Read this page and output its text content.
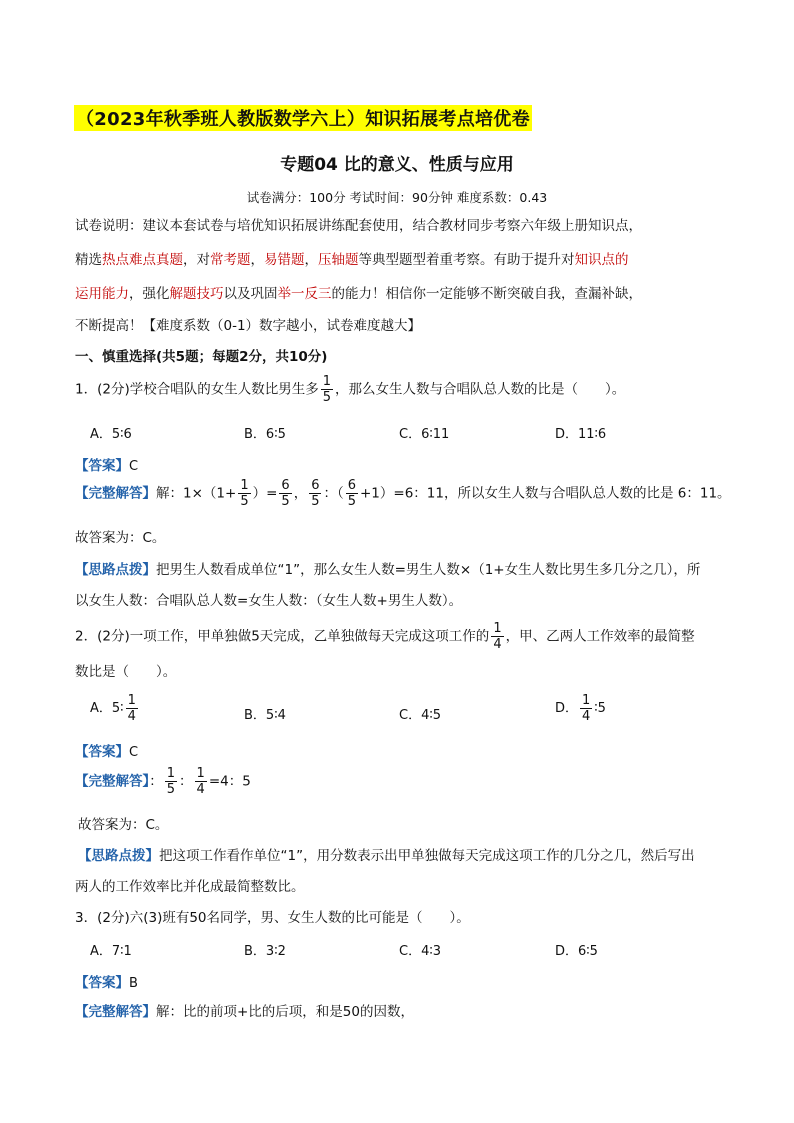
（2023年秋季班人教版数学六上）知识拓展考点培优卷
专题04 比的意义、性质与应用
试卷满分：100分 考试时间：90分钟 难度系数：0.43
试卷说明：建议本套试卷与培优知识拓展讲练配套使用，结合教材同步考察六年级上册知识点，
精选热点难点真题，对常考题，易错题，压轴题等典型题型着重考察。有助于提升对知识点的
运用能力，强化解题技巧以及巩固举一反三的能力！相信你一定能够不断突破自我，查漏补缺，
不断提高！【难度系数（0-1）数字越小，试卷难度越大】
一、慎重选择(共5题；每题2分，共10分)
1．(2分)学校合唱队的女生人数比男生多 $\frac{1}{5}$ ，那么女生人数与合唱队总人数的比是（　　）。
A．5∶6	B．6∶5	C．6∶11	D．11∶6
【答案】C
【完整解答】解：$1\times(1+ \frac{1}{5}$ ）= $\frac{6}{5}$ ， $\frac{6}{5}$ ：（ $\frac{6}{5} +1)=6$：11，所以女生人数与合唱队总人数的比是 6：11。
故答案为：C。
【思路点拨】把男生人数看成单位“1”，那么女生人数=男生人数×（1+女生人数比男生多几分之几），所
以女生人数：合唱队总人数=女生人数：（女生人数+男生人数）。
2．(2分)一项工作，甲单独做5天完成，乙单独做每天完成这项工作的 $\frac{1}{4}$ ，甲、乙两人工作效率的最简整
数比是（　　）。
A．5∶ $\frac{1}{4}$	B．5∶4	C．4∶5	D． $\frac{1}{4}$ ∶5
【答案】C
【完整解答】： $\frac{1}{5}$ ： $\frac{1}{4} =4$：5
故答案为：C。
【思路点拨】把这项工作看作单位“1”，用分数表示出甲单独做每天完成这项工作的几分之几，然后写出
两人的工作效率比并化成最简整数比。
3．(2分)六(3)班有50名同学，男、女生人数的比可能是（　　）。
A．7∶1	B．3∶2	C．4∶3	D．6∶5
【答案】B
【完整解答】解：比的前项+比的后项，和是50的因数，
